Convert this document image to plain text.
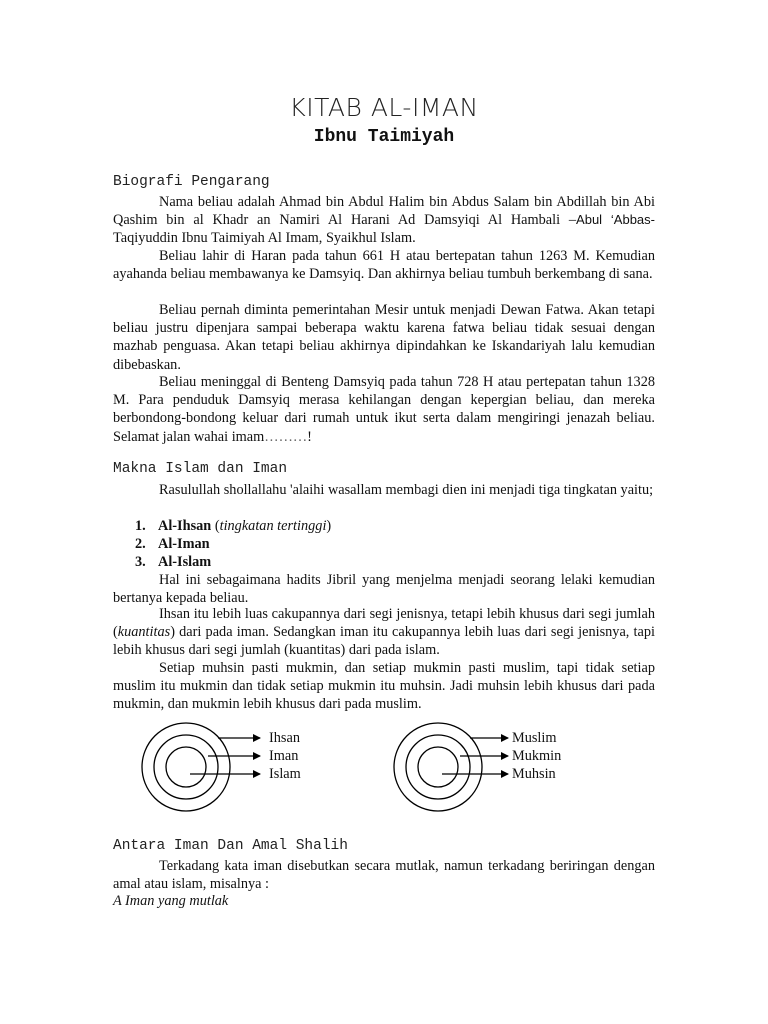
KITAB AL-IMAN
Ibnu Taimiyah
Biografi Pengarang

Nama beliau adalah Ahmad bin Abdul Halim bin Abdus Salam bin Abdillah bin Abi Qashim bin al Khadr an Namiri Al Harani Ad Damsyiqi Al Hambali –Abul ‘Abbas- Taqiyuddin Ibnu Taimiyah Al Imam, Syaikhul Islam.

Beliau lahir di Haran pada tahun 661 H atau bertepatan tahun 1263 M. Kemudian ayahanda beliau membawanya ke Damsyiq. Dan akhirnya beliau tumbuh berkembang di sana.

Beliau pernah diminta pemerintahan Mesir untuk menjadi Dewan Fatwa. Akan tetapi beliau justru dipenjara sampai beberapa waktu karena fatwa beliau tidak sesuai dengan mazhab penguasa. Akan tetapi beliau akhirnya dipindahkan ke Iskandariyah lalu kemudian dibebaskan.

Beliau meninggal di Benteng Damsyiq pada tahun 728 H atau pertepatan tahun 1328 M. Para penduduk Damsyiq merasa kehilangan dengan kepergian beliau, dan mereka berbondong-bondong keluar dari rumah untuk ikut serta dalam mengiringi jenazah beliau. Selamat jalan wahai imam………!

Makna Islam dan Iman

Rasulullah shollallahu 'alaihi wasallam membagi dien ini menjadi tiga tingkatan yaitu;

1. Al-Ihsan (tingkatan tertinggi)
2. Al-Iman
3. Al-Islam

Hal ini sebagaimana hadits Jibril yang menjelma menjadi seorang lelaki kemudian bertanya kepada beliau.

Ihsan itu lebih luas cakupannya dari segi jenisnya, tetapi lebih khusus dari segi jumlah (kuantitas) dari pada iman. Sedangkan iman itu cakupannya lebih luas dari segi jenisnya, tapi lebih khusus dari segi jumlah (kuantitas) dari pada islam.

Setiap muhsin pasti mukmin, dan setiap mukmin pasti muslim, tapi tidak setiap muslim itu mukmin dan tidak setiap mukmin itu muhsin. Jadi muhsin lebih khusus dari pada mukmin, dan mukmin lebih khusus dari pada muslim.

Ihsan
Iman
Islam
Muslim
Mukmin
Muhsin
Antara Iman Dan Amal Shalih

Terkadang kata iman disebutkan secara mutlak, namun terkadang beriringan dengan amal atau islam, misalnya :

A Iman yang mutlak
